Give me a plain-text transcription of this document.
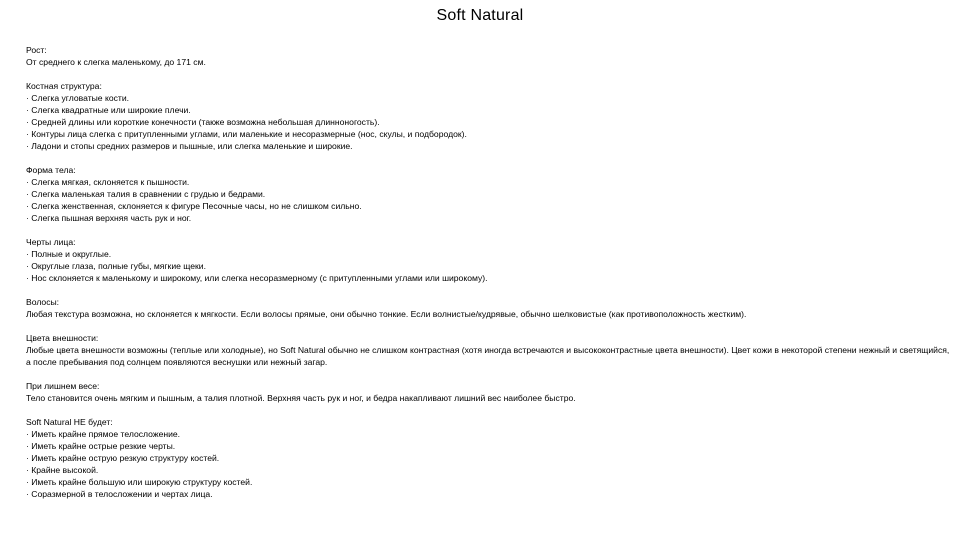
Soft Natural
Рост:
От среднего к слегка маленькому, до 171 см.
Костная структура:
· Слегка угловатые кости.
· Слегка квадратные или широкие плечи.
· Средней длины или короткие конечности (также возможна небольшая длинноногость).
· Контуры лица слегка с притупленными углами, или маленькие и несоразмерные (нос, скулы, и подбородок).
· Ладони и стопы средних размеров и пышные, или слегка маленькие и широкие.
Форма тела:
· Слегка мягкая, склоняется к пышности.
· Слегка маленькая талия в сравнении с грудью и бедрами.
· Слегка женственная, склоняется к фигуре Песочные часы, но не слишком сильно.
· Слегка пышная верхняя часть рук и ног.
Черты лица:
· Полные и округлые.
· Округлые глаза, полные губы, мягкие щеки.
· Нос склоняется к маленькому и широкому, или слегка несоразмерному (с притупленными углами или широкому).
Волосы:
Любая текстура возможна, но склоняется к мягкости. Если волосы прямые, они обычно тонкие. Если волнистые/кудрявые, обычно шелковистые (как противоположность жестким).
Цвета внешности:
Любые цвета внешности возможны (теплые или холодные), но Soft Natural обычно не слишком контрастная (хотя иногда встречаются и высококонтрастные цвета внешности). Цвет кожи в некоторой степени нежный и светящийся, а после пребывания под солнцем появляются веснушки или нежный загар.
При лишнем весе:
Тело становится очень мягким и пышным, а талия плотной. Верхняя часть рук и ног, и бедра накапливают лишний вес наиболее быстро.
Soft Natural НЕ будет:
· Иметь крайне прямое телосложение.
· Иметь крайне острые резкие черты.
· Иметь крайне острую резкую структуру костей.
· Крайне высокой.
· Иметь крайне большую или широкую структуру костей.
· Соразмерной в телосложении и чертах лица.
